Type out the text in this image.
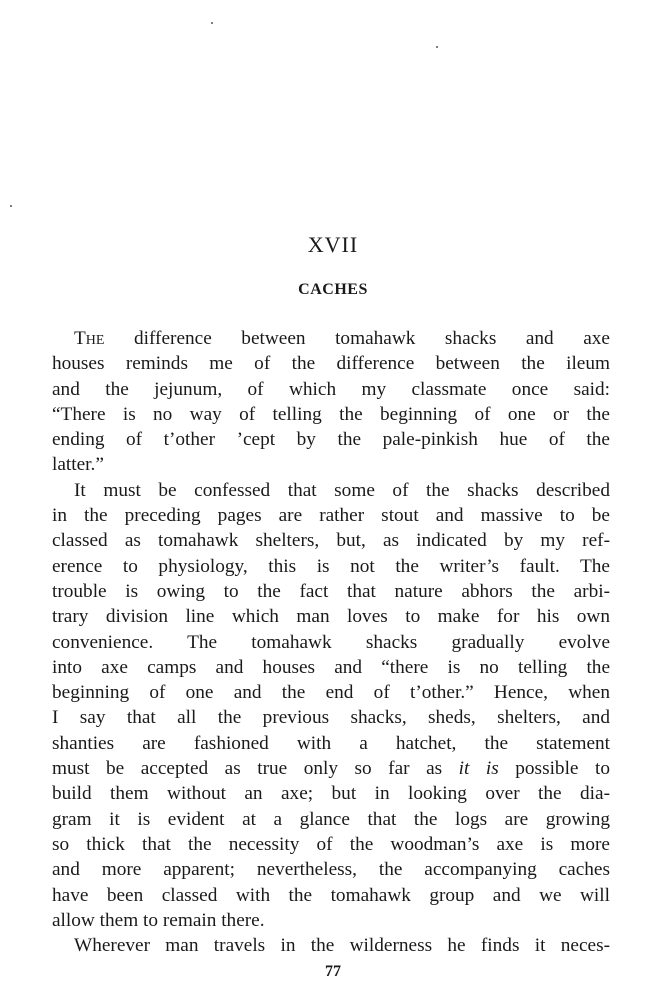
XVII
CACHES

The difference between tomahawk shacks and axe
houses reminds me of the difference between the ileum
and the jejunum, of which my classmate once said:
“There is no way of telling the beginning of one or the
ending of t’other ’cept by the pale-pinkish hue of the
latter.”

It must be confessed that some of the shacks described
in the preceding pages are rather stout and massive to be
classed as tomahawk shelters, but, as indicated by my ref-
erence to physiology, this is not the writer’s fault. The
trouble is owing to the fact that nature abhors the arbi-
trary division line which man loves to make for his own
convenience. The tomahawk shacks gradually evolve
into axe camps and houses and “there is no telling the
beginning of one and the end of t’other.” Hence, when
I say that all the previous shacks, sheds, shelters, and
shanties are fashioned with a hatchet, the statement
must be accepted as true only so far as it is possible to
build them without an axe; but in looking over the dia-
gram it is evident at a glance that the logs are growing
so thick that the necessity of the woodman’s axe is more
and more apparent; nevertheless, the accompanying caches
have been classed with the tomahawk group and we will
allow them to remain there.

Wherever man travels in the wilderness he finds it neces-

77
